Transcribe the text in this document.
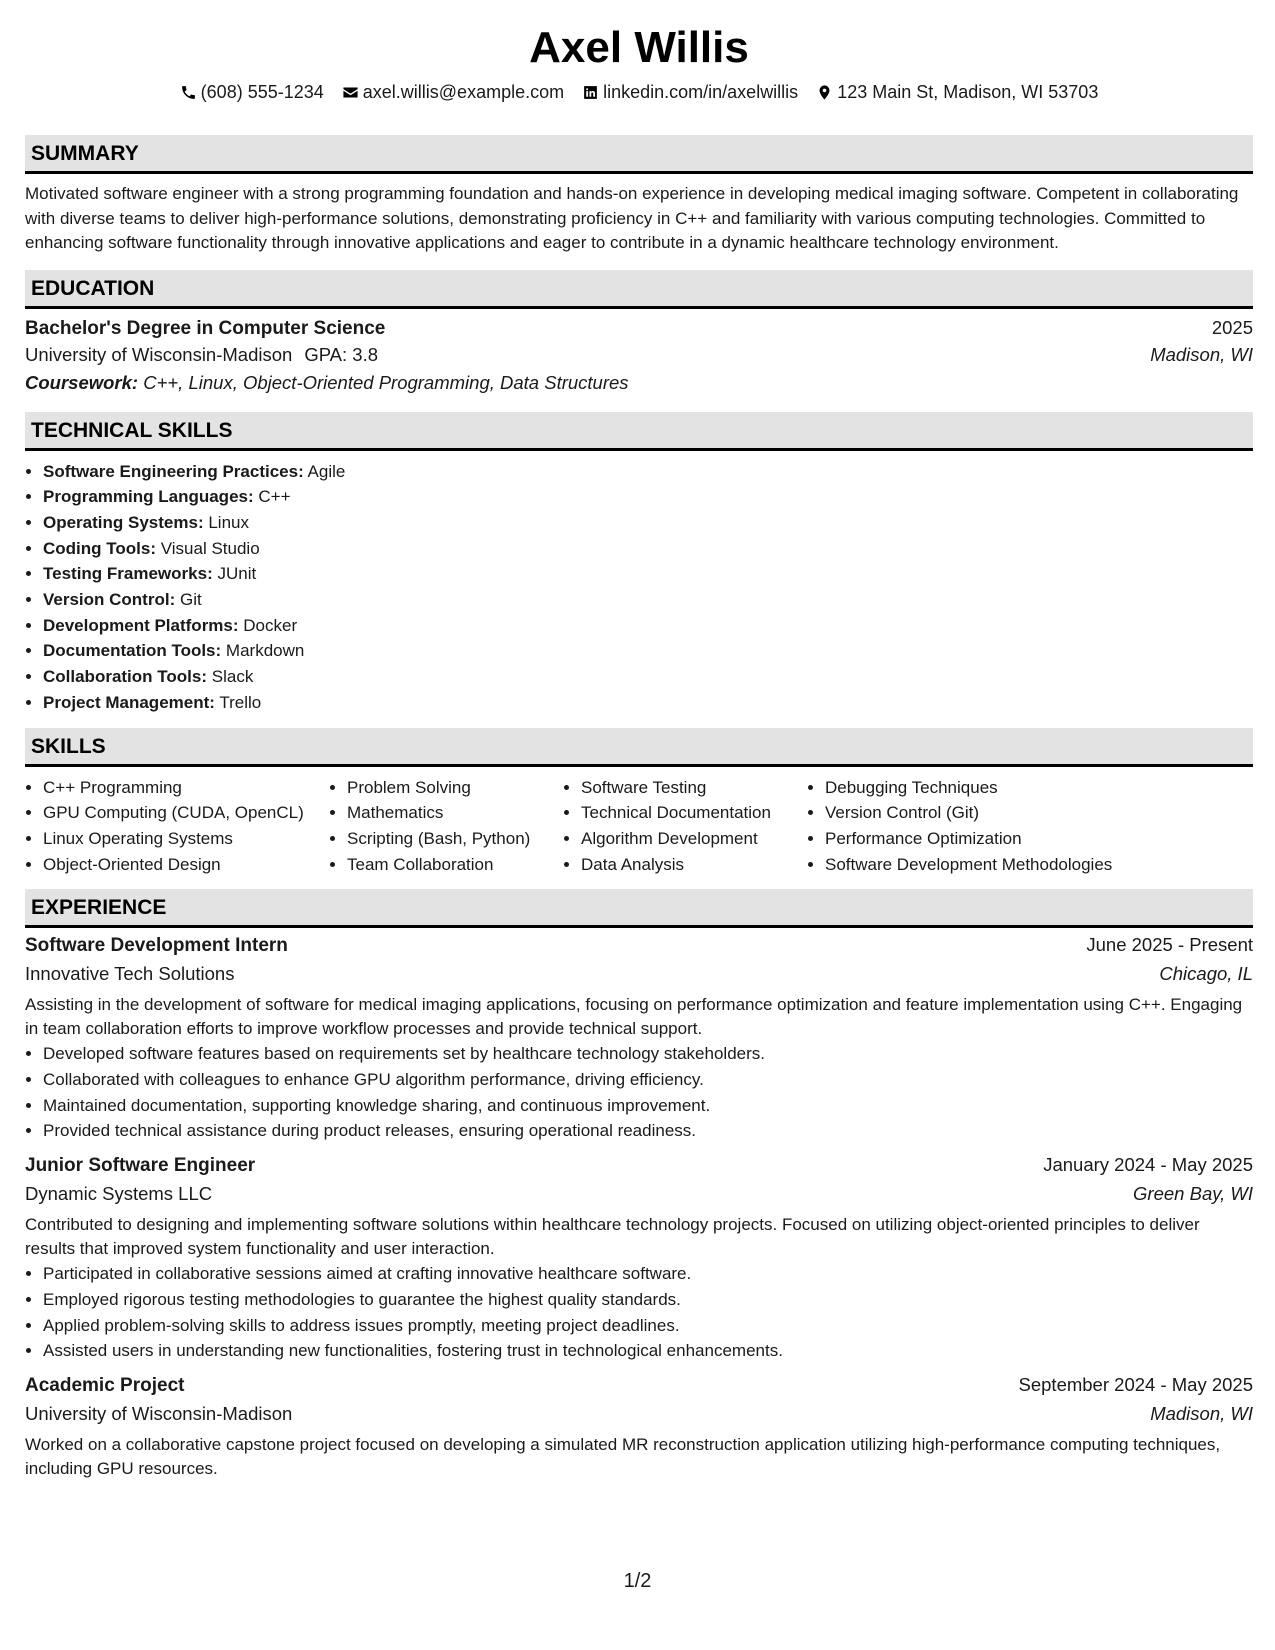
Axel Willis
(608) 555-1234 axel.willis@example.com linkedin.com/in/axelwillis 123 Main St, Madison, WI 53703
SUMMARY
Motivated software engineer with a strong programming foundation and hands-on experience in developing medical imaging software. Competent in collaborating with diverse teams to deliver high-performance solutions, demonstrating proficiency in C++ and familiarity with various computing technologies. Committed to enhancing software functionality through innovative applications and eager to contribute in a dynamic healthcare technology environment.
EDUCATION
Bachelor's Degree in Computer Science	2025
University of Wisconsin-Madison GPA: 3.8	Madison, WI
Coursework: C++, Linux, Object-Oriented Programming, Data Structures
TECHNICAL SKILLS
• Software Engineering Practices: Agile
• Programming Languages: C++
• Operating Systems: Linux
• Coding Tools: Visual Studio
• Testing Frameworks: JUnit
• Version Control: Git
• Development Platforms: Docker
• Documentation Tools: Markdown
• Collaboration Tools: Slack
• Project Management: Trello
SKILLS
• C++ Programming
• GPU Computing (CUDA, OpenCL)
• Linux Operating Systems
• Object-Oriented Design
• Problem Solving
• Mathematics
• Scripting (Bash, Python)
• Team Collaboration
• Software Testing
• Technical Documentation
• Algorithm Development
• Data Analysis
• Debugging Techniques
• Version Control (Git)
• Performance Optimization
• Software Development Methodologies
EXPERIENCE
Software Development Intern	June 2025 - Present
Innovative Tech Solutions	Chicago, IL
Assisting in the development of software for medical imaging applications, focusing on performance optimization and feature implementation using C++. Engaging in team collaboration efforts to improve workflow processes and provide technical support.
• Developed software features based on requirements set by healthcare technology stakeholders.
• Collaborated with colleagues to enhance GPU algorithm performance, driving efficiency.
• Maintained documentation, supporting knowledge sharing, and continuous improvement.
• Provided technical assistance during product releases, ensuring operational readiness.
Junior Software Engineer	January 2024 - May 2025
Dynamic Systems LLC	Green Bay, WI
Contributed to designing and implementing software solutions within healthcare technology projects. Focused on utilizing object-oriented principles to deliver results that improved system functionality and user interaction.
• Participated in collaborative sessions aimed at crafting innovative healthcare software.
• Employed rigorous testing methodologies to guarantee the highest quality standards.
• Applied problem-solving skills to address issues promptly, meeting project deadlines.
• Assisted users in understanding new functionalities, fostering trust in technological enhancements.
Academic Project	September 2024 - May 2025
University of Wisconsin-Madison	Madison, WI
Worked on a collaborative capstone project focused on developing a simulated MR reconstruction application utilizing high-performance computing techniques, including GPU resources.
1/2
